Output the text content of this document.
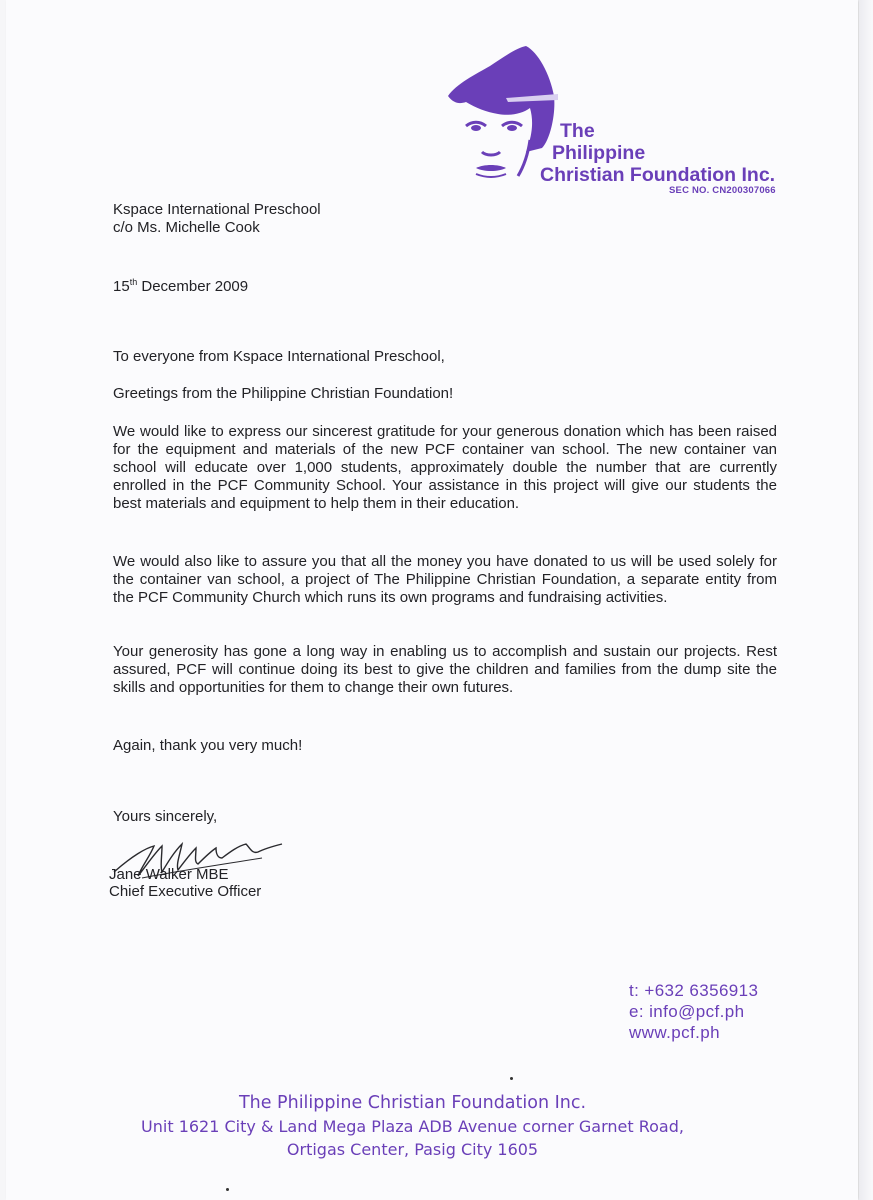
The
Philippine
Christian Foundation Inc.
SEC NO. CN200307066
Kspace International Preschool
c/o Ms. Michelle Cook
15th December 2009
To everyone from Kspace International Preschool,
Greetings from the Philippine Christian Foundation!
We would like to express our sincerest gratitude for your generous donation which has been raised for the equipment and materials of the new PCF container van school. The new container van school will educate over 1,000 students, approximately double the number that are currently enrolled in the PCF Community School. Your assistance in this project will give our students the best materials and equipment to help them in their education.
We would also like to assure you that all the money you have donated to us will be used solely for the container van school, a project of The Philippine Christian Foundation, a separate entity from the PCF Community Church which runs its own programs and fundraising activities.
Your generosity has gone a long way in enabling us to accomplish and sustain our projects. Rest assured, PCF will continue doing its best to give the children and families from the dump site the skills and opportunities for them to change their own futures.
Again, thank you very much!
Yours sincerely,
Jane Walker MBE
Chief Executive Officer
t: +632 6356913
e: info@pcf.ph
www.pcf.ph
The Philippine Christian Foundation Inc.
Unit 1621 City & Land Mega Plaza ADB Avenue corner Garnet Road,
Ortigas Center, Pasig City 1605
